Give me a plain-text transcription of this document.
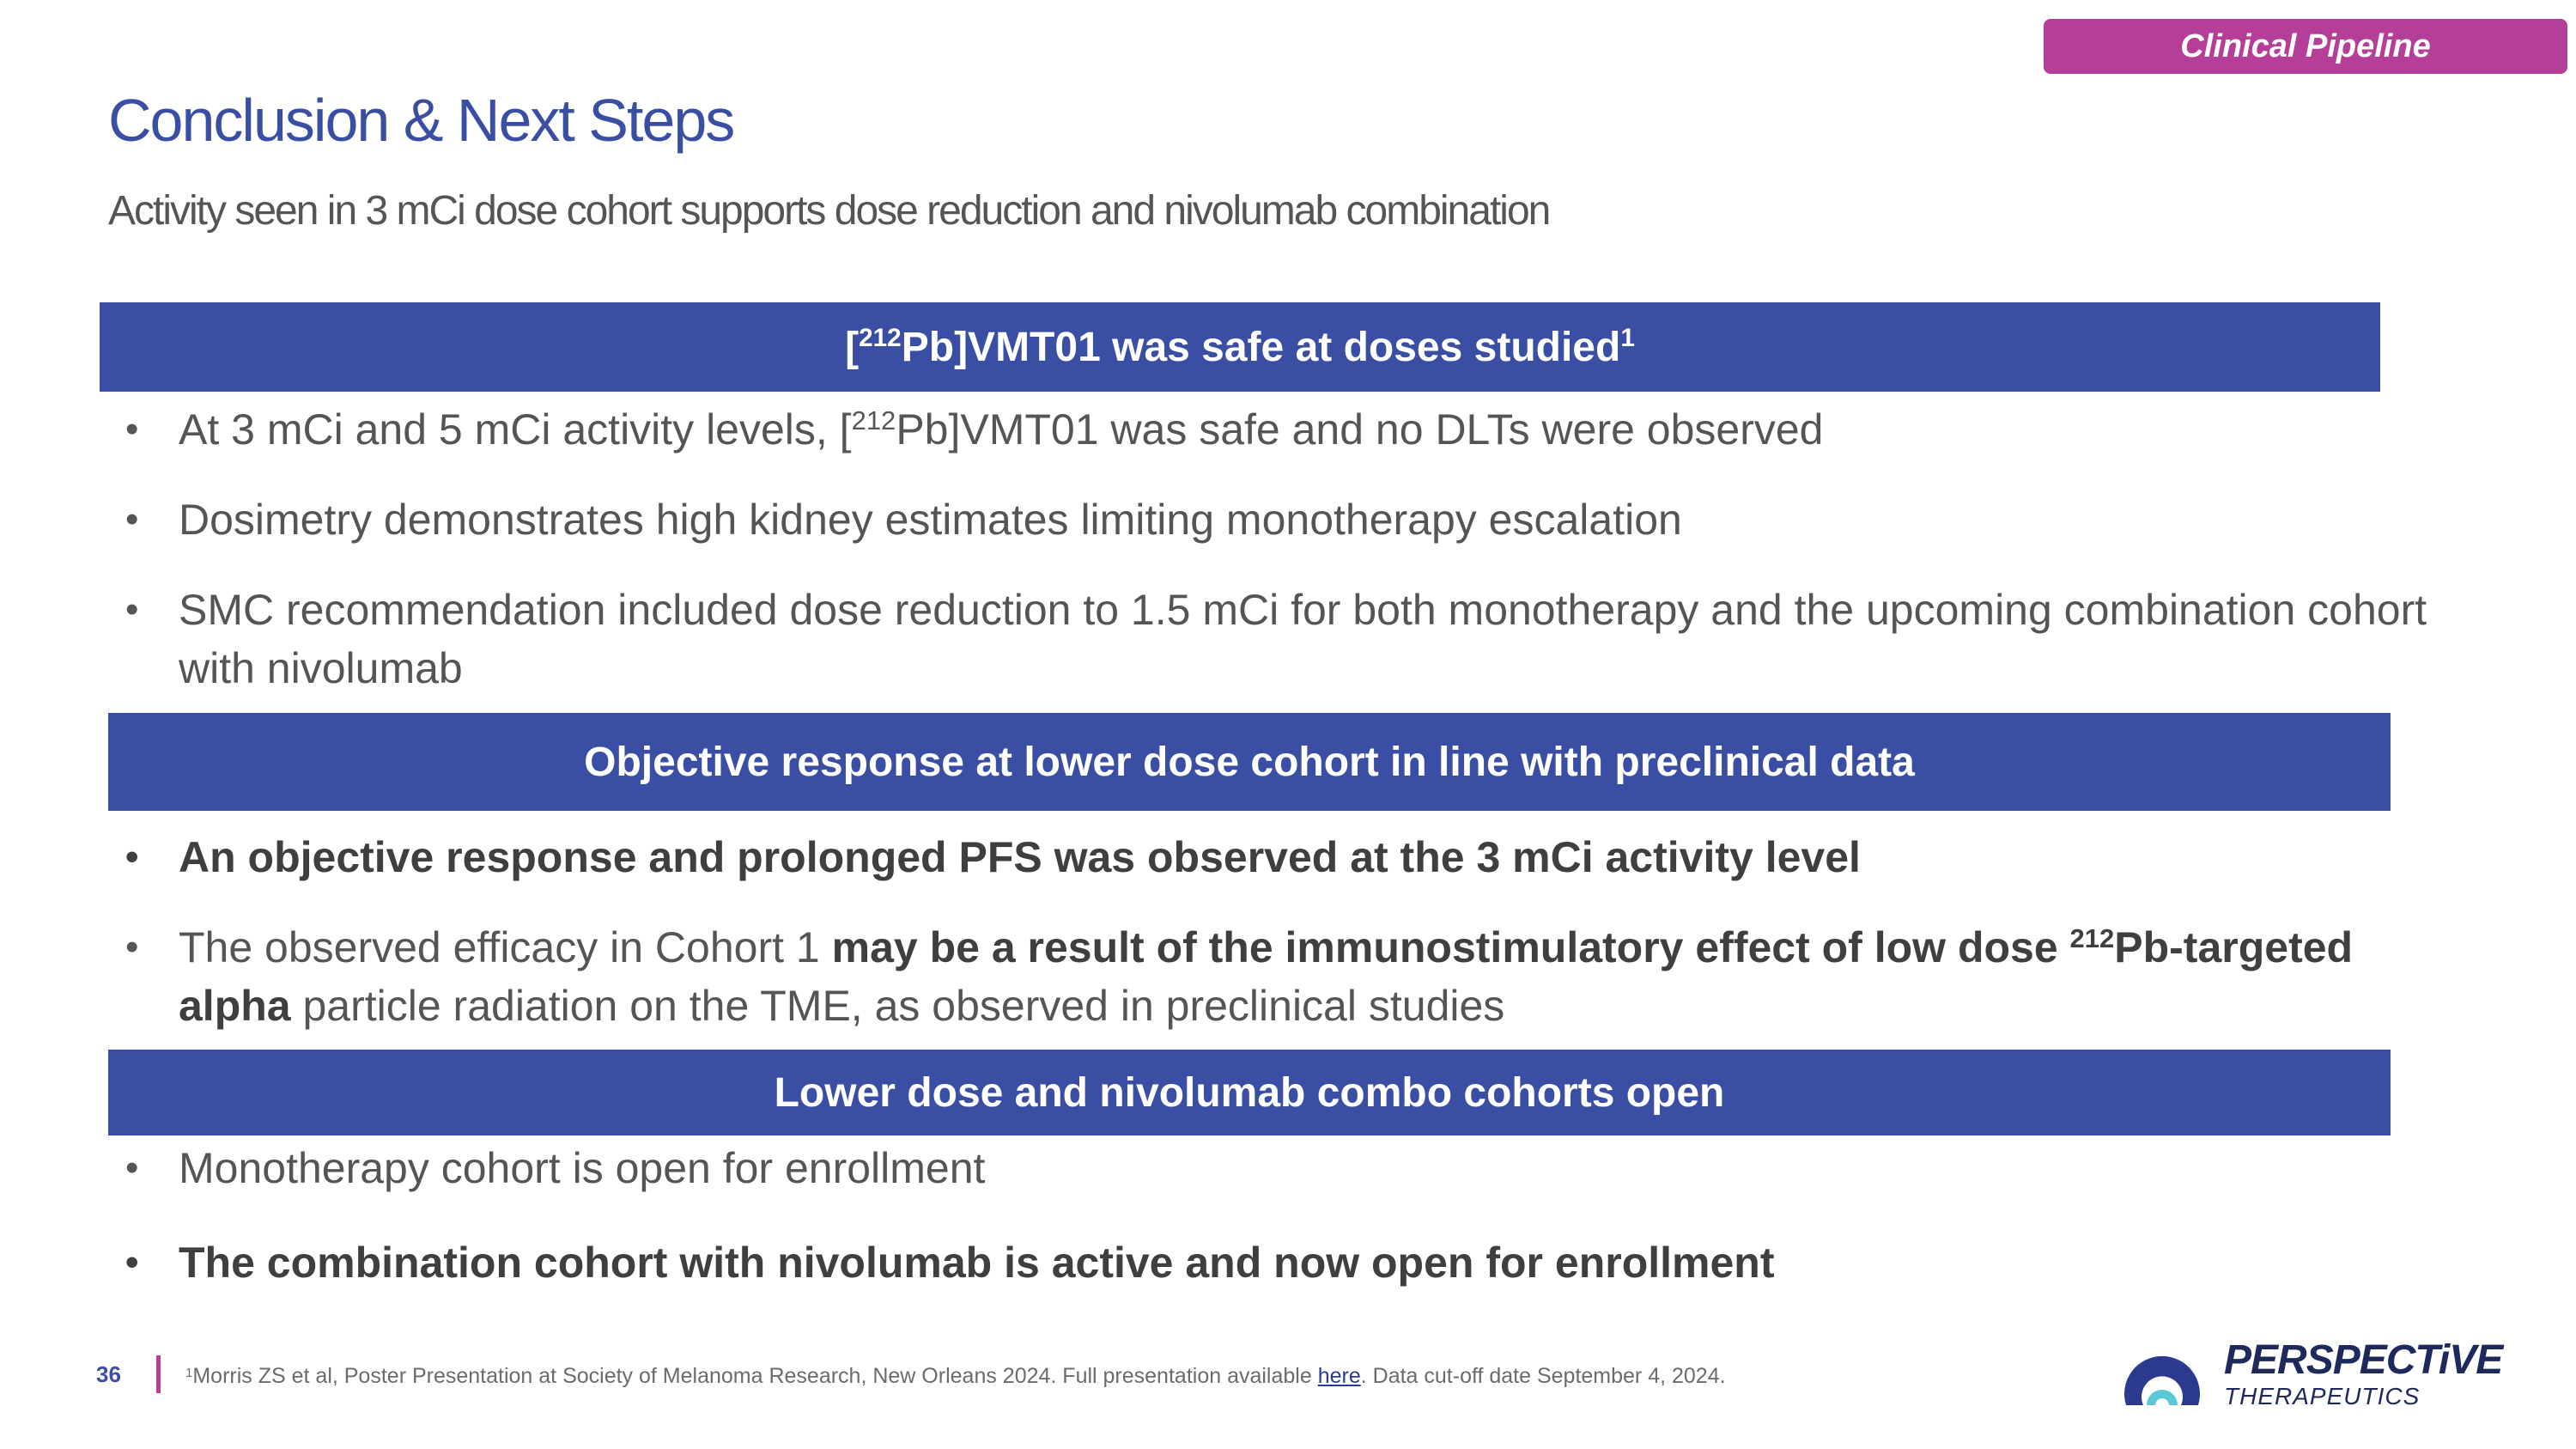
Clinical Pipeline
Conclusion & Next Steps
Activity seen in 3 mCi dose cohort supports dose reduction and nivolumab combination
[$^{212}$Pb]VMT01 was safe at doses studied$^1$
• At 3 mCi and 5 mCi activity levels, [$^{212}$Pb]VMT01 was safe and no DLTs were observed
• Dosimetry demonstrates high kidney estimates limiting monotherapy escalation
• SMC recommendation included dose reduction to 1.5 mCi for both monotherapy and the upcoming combination cohort with nivolumab
Objective response at lower dose cohort in line with preclinical data
• An objective response and prolonged PFS was observed at the 3 mCi activity level
• The observed efficacy in Cohort 1 may be a result of the immunostimulatory effect of low dose $^{212}$Pb-targeted alpha particle radiation on the TME, as observed in preclinical studies
Lower dose and nivolumab combo cohorts open
• Monotherapy cohort is open for enrollment
• The combination cohort with nivolumab is active and now open for enrollment
36	$^1$Morris ZS et al, Poster Presentation at Society of Melanoma Research, New Orleans 2024. Full presentation available here. Data cut-off date September 4, 2024.	PERSPECTiVE
THERAPEUTICS
